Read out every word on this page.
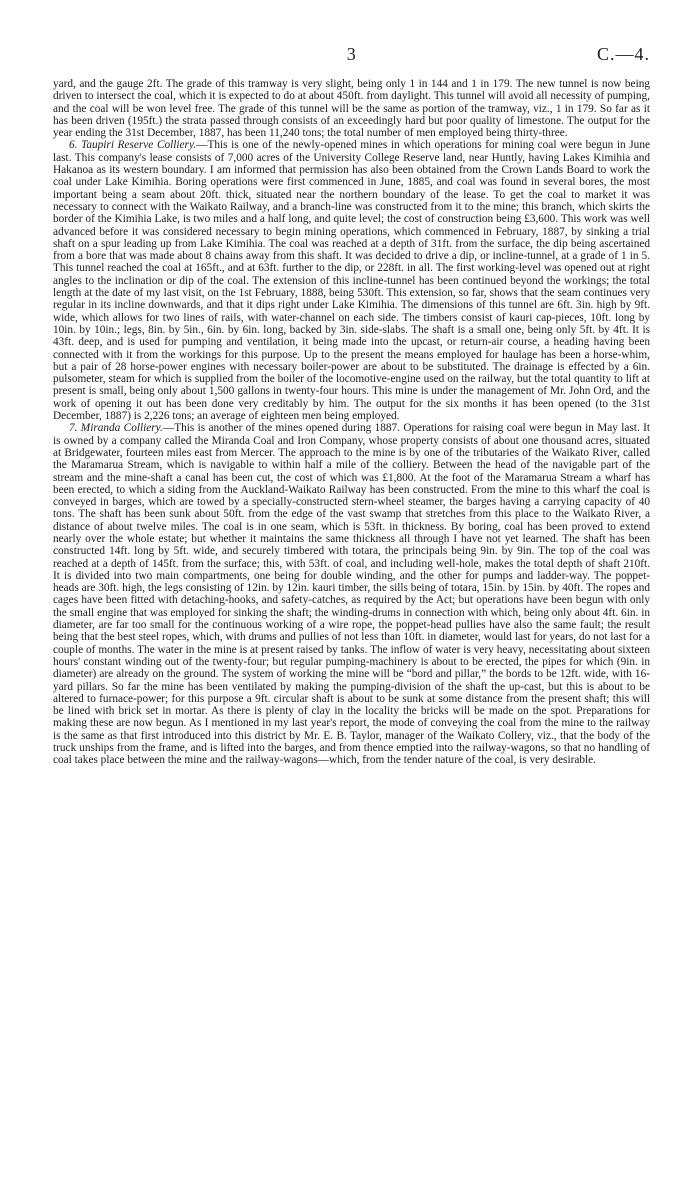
3	C.—4.

yard, and the gauge 2ft. The grade of this tramway is very slight, being only 1 in 144 and 1 in 179. The new tunnel is now being driven to intersect the coal, which it is expected to do at about 450ft. from daylight. This tunnel will avoid all necessity of pumping, and the coal will be won level free. The grade of this tunnel will be the same as portion of the tramway, viz., 1 in 179. So far as it has been driven (195ft.) the strata passed through consists of an exceedingly hard but poor quality of limestone. The output for the year ending the 31st December, 1887, has been 11,240 tons; the total number of men employed being thirty-three.

6. Taupiri Reserve Colliery.—This is one of the newly-opened mines in which operations for mining coal were begun in June last. This company's lease consists of 7,000 acres of the University College Reserve land, near Huntly, having Lakes Kimihia and Hakanoa as its western boundary. I am informed that permission has also been obtained from the Crown Lands Board to work the coal under Lake Kimihia. Boring operations were first commenced in June, 1885, and coal was found in several bores, the most important being a seam about 20ft. thick, situated near the northern boundary of the lease. To get the coal to market it was necessary to connect with the Waikato Railway, and a branch-line was constructed from it to the mine; this branch, which skirts the border of the Kimihia Lake, is two miles and a half long, and quite level; the cost of construction being £3,600. This work was well advanced before it was considered necessary to begin mining operations, which commenced in February, 1887, by sinking a trial shaft on a spur leading up from Lake Kimihia. The coal was reached at a depth of 31ft. from the surface, the dip being ascertained from a bore that was made about 8 chains away from this shaft. It was decided to drive a dip, or incline-tunnel, at a grade of 1 in 5. This tunnel reached the coal at 165ft., and at 63ft. further to the dip, or 228ft. in all. The first working-level was opened out at right angles to the inclination or dip of the coal. The extension of this incline-tunnel has been continued beyond the workings; the total length at the date of my last visit, on the 1st February, 1888, being 530ft. This extension, so far, shows that the seam continues very regular in its incline downwards, and that it dips right under Lake Kimihia. The dimensions of this tunnel are 6ft. 3in. high by 9ft. wide, which allows for two lines of rails, with water-channel on each side. The timbers consist of kauri cap-pieces, 10ft. long by 10in. by 10in.; legs, 8in. by 5in., 6in. by 6in. long, backed by 3in. side-slabs. The shaft is a small one, being only 5ft. by 4ft. It is 43ft. deep, and is used for pumping and ventilation, it being made into the upcast, or return-air course, a heading having been connected with it from the workings for this purpose. Up to the present the means employed for haulage has been a horse-whim, but a pair of 28 horse-power engines with necessary boiler-power are about to be substituted. The drainage is effected by a 6in. pulsometer, steam for which is supplied from the boiler of the locomotive-engine used on the railway, but the total quantity to lift at present is small, being only about 1,500 gallons in twenty-four hours. This mine is under the management of Mr. John Ord, and the work of opening it out has been done very creditably by him. The output for the six months it has been opened (to the 31st December, 1887) is 2,226 tons; an average of eighteen men being employed.

7. Miranda Colliery.—This is another of the mines opened during 1887. Operations for raising coal were begun in May last. It is owned by a company called the Miranda Coal and Iron Company, whose property consists of about one thousand acres, situated at Bridgewater, fourteen miles east from Mercer. The approach to the mine is by one of the tributaries of the Waikato River, called the Maramarua Stream, which is navigable to within half a mile of the colliery. Between the head of the navigable part of the stream and the mine-shaft a canal has been cut, the cost of which was £1,800. At the foot of the Maramarua Stream a wharf has been erected, to which a siding from the Auckland-Waikato Railway has been constructed. From the mine to this wharf the coal is conveyed in barges, which are towed by a specially-constructed stern-wheel steamer, the barges having a carrying capacity of 40 tons. The shaft has been sunk about 50ft. from the edge of the vast swamp that stretches from this place to the Waikato River, a distance of about twelve miles. The coal is in one seam, which is 53ft. in thickness. By boring, coal has been proved to extend nearly over the whole estate; but whether it maintains the same thickness all through I have not yet learned. The shaft has been constructed 14ft. long by 5ft. wide, and securely timbered with totara, the principals being 9in. by 9in. The top of the coal was reached at a depth of 145ft. from the surface; this, with 53ft. of coal, and including well-hole, makes the total depth of shaft 210ft. It is divided into two main compartments, one being for double winding, and the other for pumps and ladder-way. The poppet-heads are 30ft. high, the legs consisting of 12in. by 12in. kauri timber, the sills being of totara, 15in. by 15in. by 40ft. The ropes and cages have been fitted with detaching-hooks, and safety-catches, as required by the Act; but operations have been begun with only the small engine that was employed for sinking the shaft; the winding-drums in connection with which, being only about 4ft. 6in. in diameter, are far too small for the continuous working of a wire rope, the poppet-head pullies have also the same fault; the result being that the best steel ropes, which, with drums and pullies of not less than 10ft. in diameter, would last for years, do not last for a couple of months. The water in the mine is at present raised by tanks. The inflow of water is very heavy, necessitating about sixteen hours' constant winding out of the twenty-four; but regular pumping-machinery is about to be erected, the pipes for which (9in. in diameter) are already on the ground. The system of working the mine will be “bord and pillar,” the bords to be 12ft. wide, with 16-yard pillars. So far the mine has been ventilated by making the pumping-division of the shaft the up-cast, but this is about to be altered to furnace-power; for this purpose a 9ft. circular shaft is about to be sunk at some distance from the present shaft; this will be lined with brick set in mortar. As there is plenty of clay in the locality the bricks will be made on the spot. Preparations for making these are now begun. As I mentioned in my last year's report, the mode of conveying the coal from the mine to the railway is the same as that first introduced into this district by Mr. E. B. Taylor, manager of the Waikato Collery, viz., that the body of the truck unships from the frame, and is lifted into the barges, and from thence emptied into the railway-wagons, so that no handling of coal takes place between the mine and the railway-wagons—which, from the tender nature of the coal, is very desirable.
